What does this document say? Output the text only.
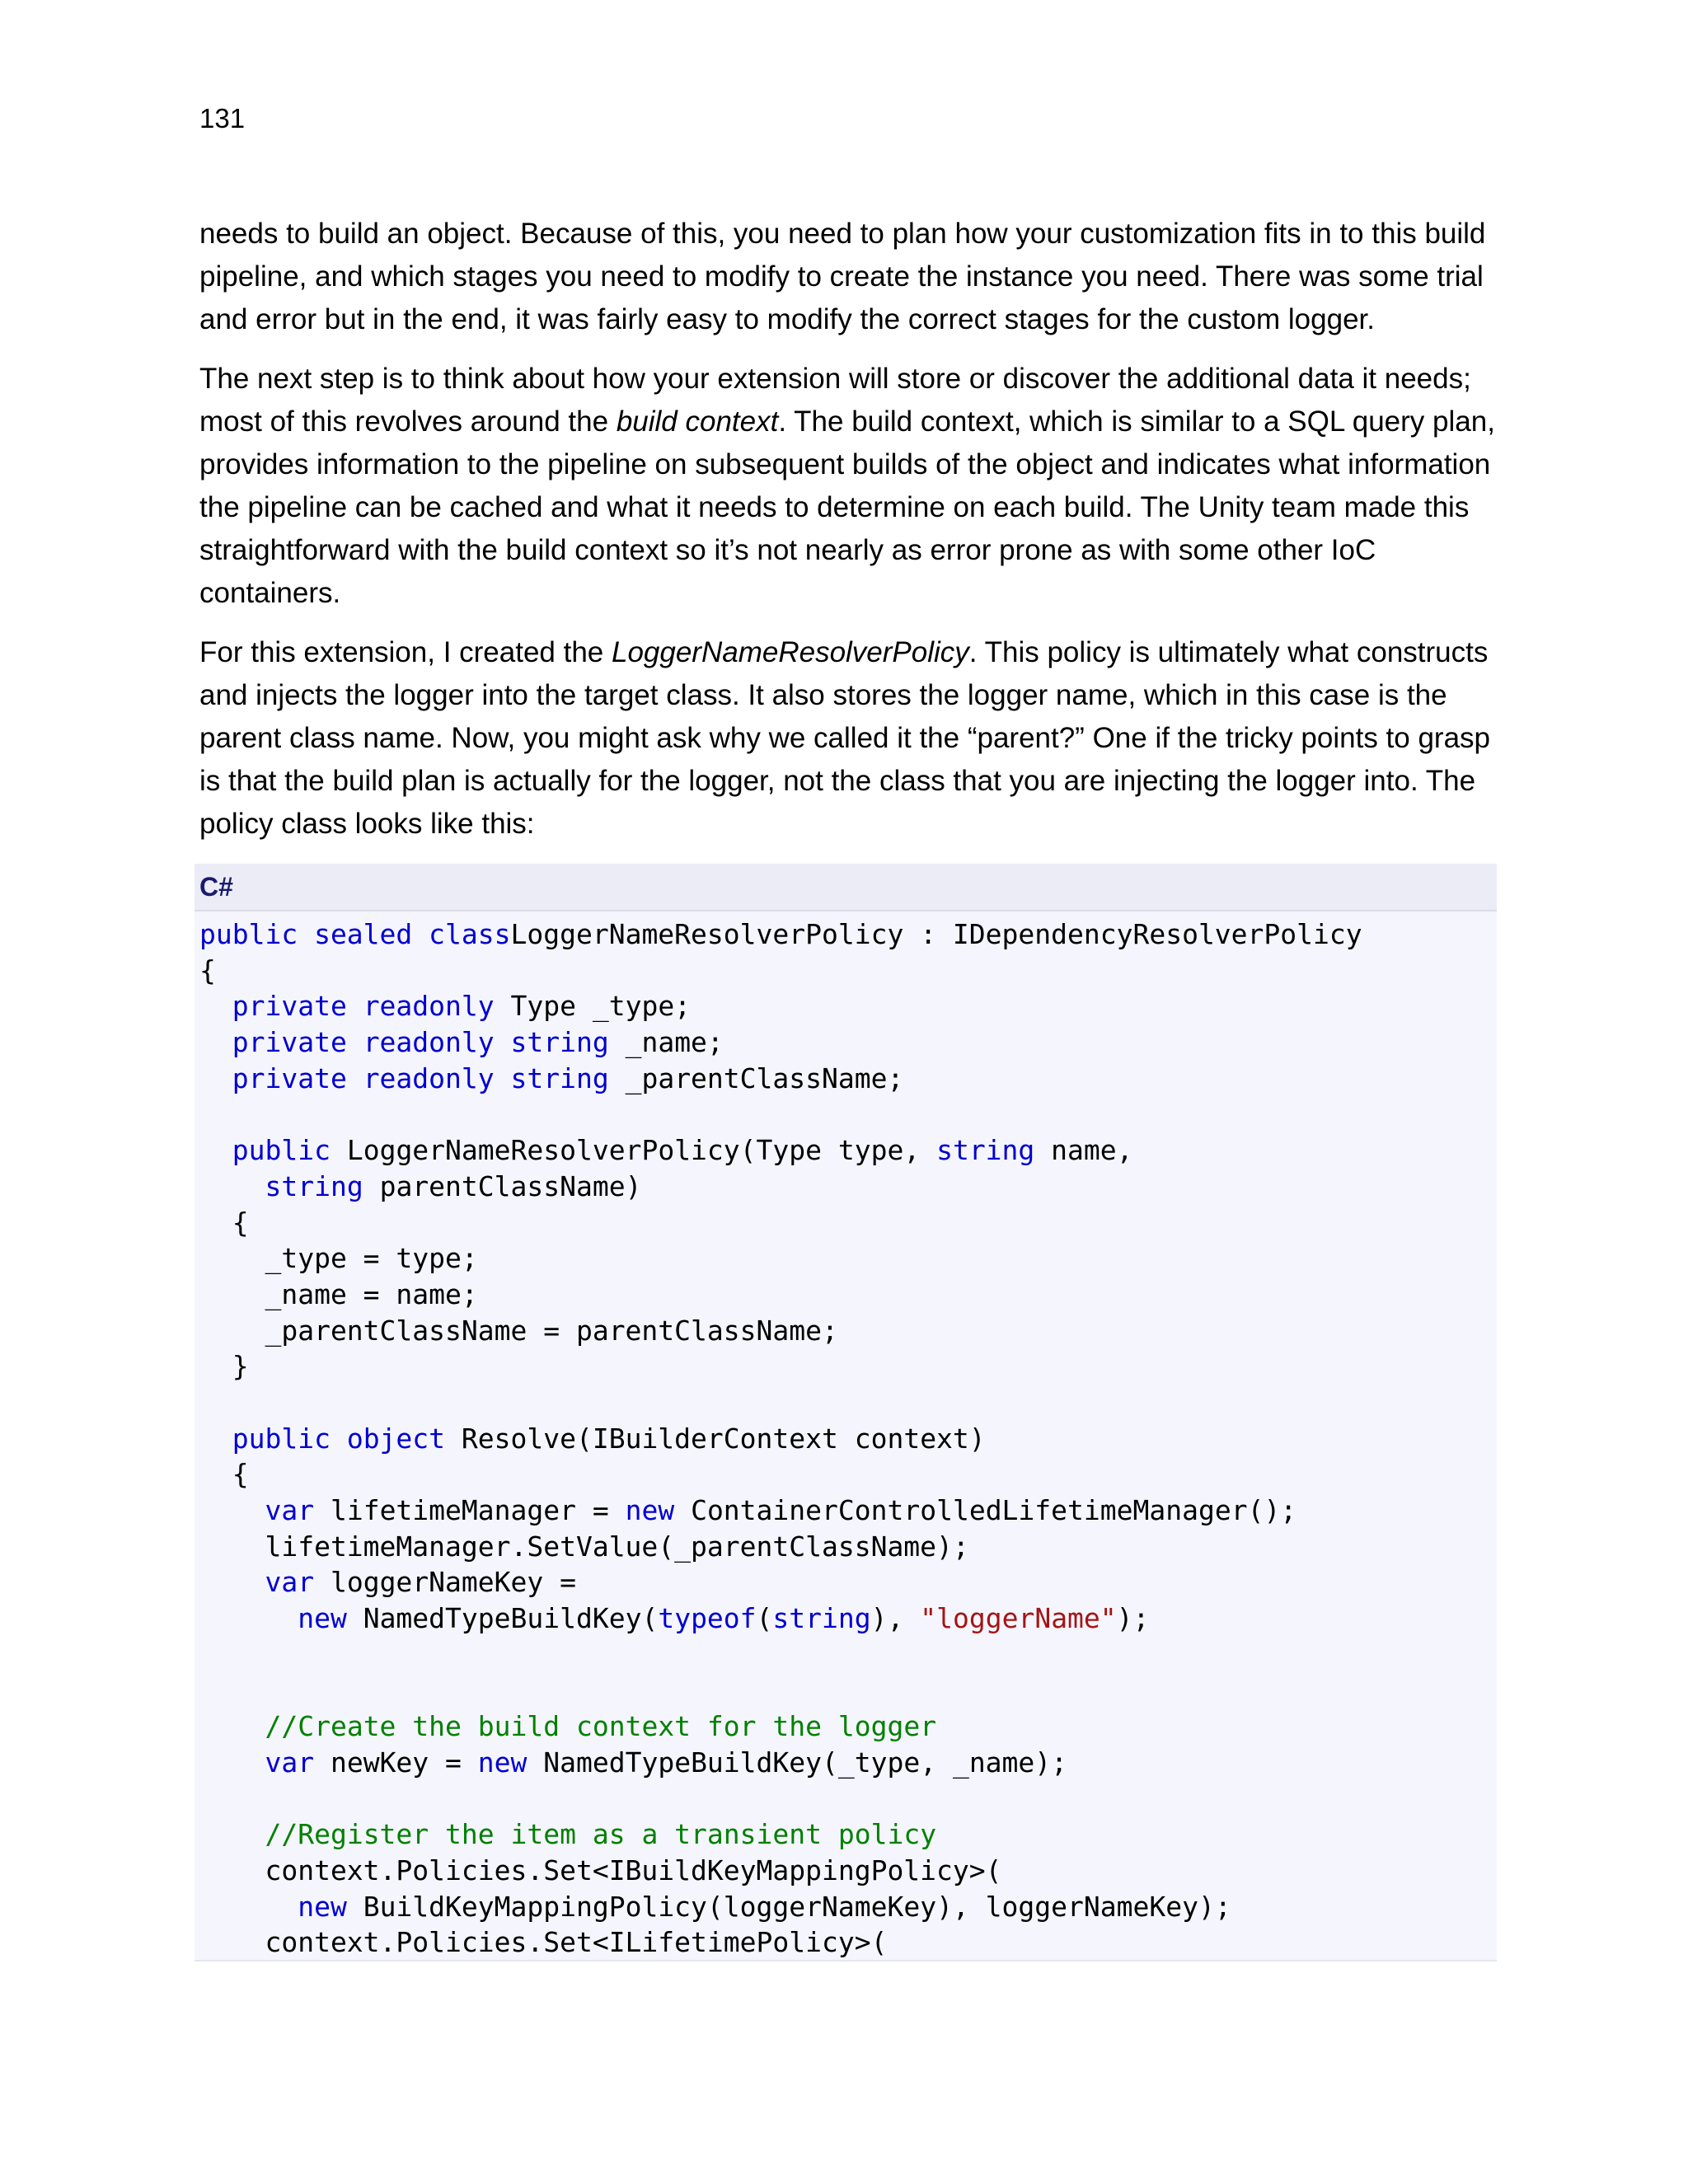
131

needs to build an object. Because of this, you need to plan how your customization fits in to this build pipeline, and which stages you need to modify to create the instance you need. There was some trial and error but in the end, it was fairly easy to modify the correct stages for the custom logger.

The next step is to think about how your extension will store or discover the additional data it needs; most of this revolves around the build context. The build context, which is similar to a SQL query plan, provides information to the pipeline on subsequent builds of the object and indicates what information the pipeline can be cached and what it needs to determine on each build. The Unity team made this straightforward with the build context so it’s not nearly as error prone as with some other IoC containers.

For this extension, I created the LoggerNameResolverPolicy. This policy is ultimately what constructs and injects the logger into the target class. It also stores the logger name, which in this case is the parent class name. Now, you might ask why we called it the “parent?” One if the tricky points to grasp is that the build plan is actually for the logger, not the class that you are injecting the logger into. The policy class looks like this:

C#
public sealed classLoggerNameResolverPolicy : IDependencyResolverPolicy
{
private readonly Type _type;
private readonly string _name;
private readonly string _parentClassName;
public LoggerNameResolverPolicy(Type type, string name,
string parentClassName)
{
_type = type;
_name = name;
_parentClassName = parentClassName;
}
public object Resolve(IBuilderContext context)
{
var lifetimeManager = new ContainerControlledLifetimeManager();
lifetimeManager.SetValue(_parentClassName);
var loggerNameKey =
new NamedTypeBuildKey(typeof(string), "loggerName");
//Create the build context for the logger
var newKey = new NamedTypeBuildKey(_type, _name);
//Register the item as a transient policy
context.Policies.Set<IBuildKeyMappingPolicy>(
new BuildKeyMappingPolicy(loggerNameKey), loggerNameKey);
context.Policies.Set<ILifetimePolicy>(
